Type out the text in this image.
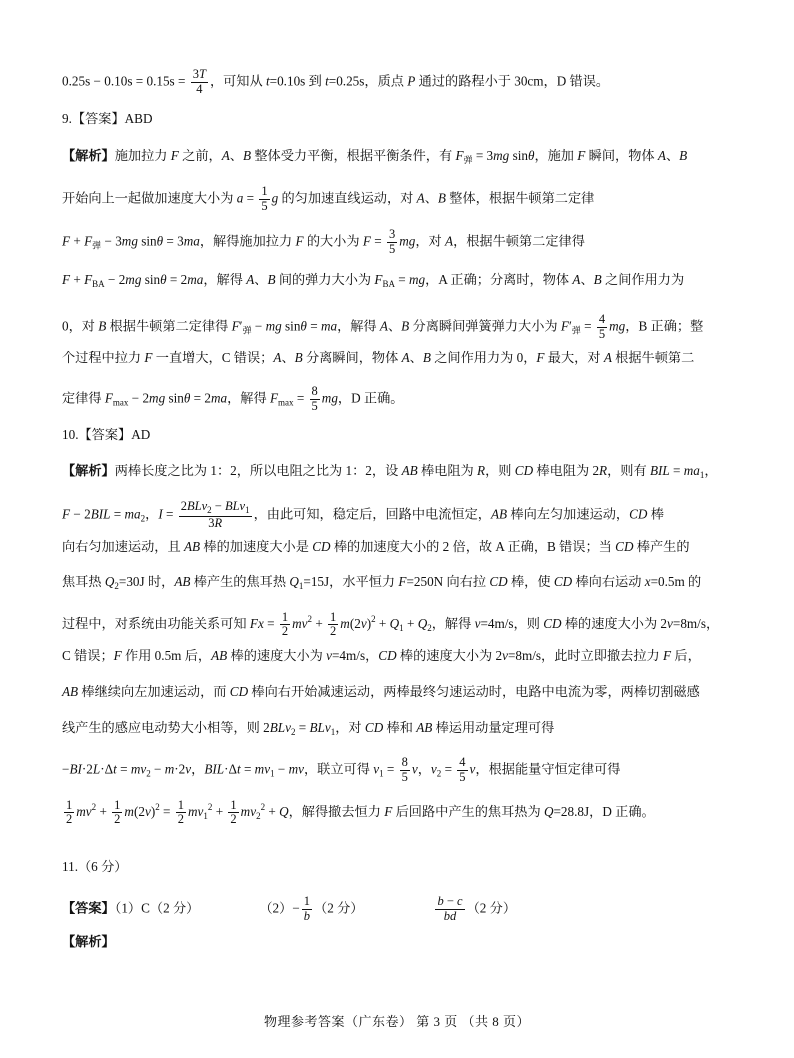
$0.25s - 0.10s = 0.15s = \frac{3T}{4}$ ，可知从 t=0.10s 到 t=0.25s，质点 P 通过的路程小于 30cm，D 错误。
9.【答案】ABD
【解析】施加拉力 F 之前，A、B 整体受力平衡，根据平衡条件，有 $F_弹 = 3mg$ sinθ，施加 F 瞬间，物体 A、B
开始向上一起做加速度大小为 $a = \frac{1}{5}$ g 的匀加速直线运动，对 A、B 整体，根据牛顿第二定律
$F + F_弹 - 3mg$ sinθ = 3ma，解得施加拉力 F 的大小为 $F = \frac{3}{5}$ mg，对 A，根据牛顿第二定律得
$F + F_{BA} - 2mg$ sinθ = 2ma，解得 A、B 间的弹力大小为 $F_{BA}$ = mg，A 正确；分离时，物体 A、B 之间作用力为
0，对 B 根据牛顿第二定律得 $F'_弹$ − mg sinθ = ma，解得 A、B 分离瞬间弹簧弹力大小为 $F'_弹 = \frac{4}{5}$ mg，B 正确；整
个过程中拉力 F 一直增大，C 错误；A、B 分离瞬间，物体 A、B 之间作用力为 0，F 最大，对 A 根据牛顿第二
定律得 $F_{max} - 2mg$ sinθ = 2ma，解得 $F_{max} = \frac{8}{5}$ mg，D 正确。
10.【答案】AD
【解析】两棒长度之比为 1：2，所以电阻之比为 1：2，设 AB 棒电阻为 R，则 CD 棒电阻为 2R，则有 BIL = $ma_1$，
$F - 2BIL = ma_2$，$I = \frac{2BLv_2 - BLv_1}{3R}$ ，由此可知，稳定后，回路中电流恒定，AB 棒向左匀加速运动，CD 棒
向右匀加速运动，且 AB 棒的加速度大小是 CD 棒的加速度大小的 2 倍，故 A 正确，B 错误；当 CD 棒产生的
焦耳热 $Q_2=30J$ 时，AB 棒产生的焦耳热 $Q_1=15J$，水平恒力 F=250N 向右拉 CD 棒，使 CD 棒向右运动 x=0.5m 的
过程中，对系统由功能关系可知 $Fx = \frac{1}{2} mv^2 + \frac{1}{2} m(2v)^2 + Q_1 + Q_2$，解得 v=4m/s，则 CD 棒的速度大小为 2v=8m/s，
C 错误；F 作用 0.5m 后，AB 棒的速度大小为 v=4m/s，CD 棒的速度大小为 2v=8m/s，此时立即撤去拉力 F 后，
AB 棒继续向左加速运动，而 CD 棒向右开始减速运动，两棒最终匀速运动时，电路中电流为零，两棒切割磁感
线产生的感应电动势大小相等，则 2BLv$_2$ = BLv$_1$，对 CD 棒和 AB 棒运用动量定理可得
$-BI\cdot 2L\cdot\Delta t = mv_2 - m\cdot 2v$，$BIL\cdot\Delta t = mv_1$ − mv，联立可得 $v_1 = \frac{8}{5}$ v，$v_2 = \frac{4}{5}$ v，根据能量守恒定律可得
$\frac{1}{2} mv^2 + \frac{1}{2} m(2v)^2 = \frac{1}{2} mv_1^2 + \frac{1}{2} mv_2^2 + Q$，解得撤去恒力 F 后回路中产生的焦耳热为 Q=28.8J，D 正确。
11.（6 分）
【答案】（1）C（2 分）	$(2)- \frac{1}{b} (2$ 分）	$\frac{b - c}{bd} (2$ 分）
【解析】
物理参考答案（广东卷） 第 3 页 （共 8 页）
